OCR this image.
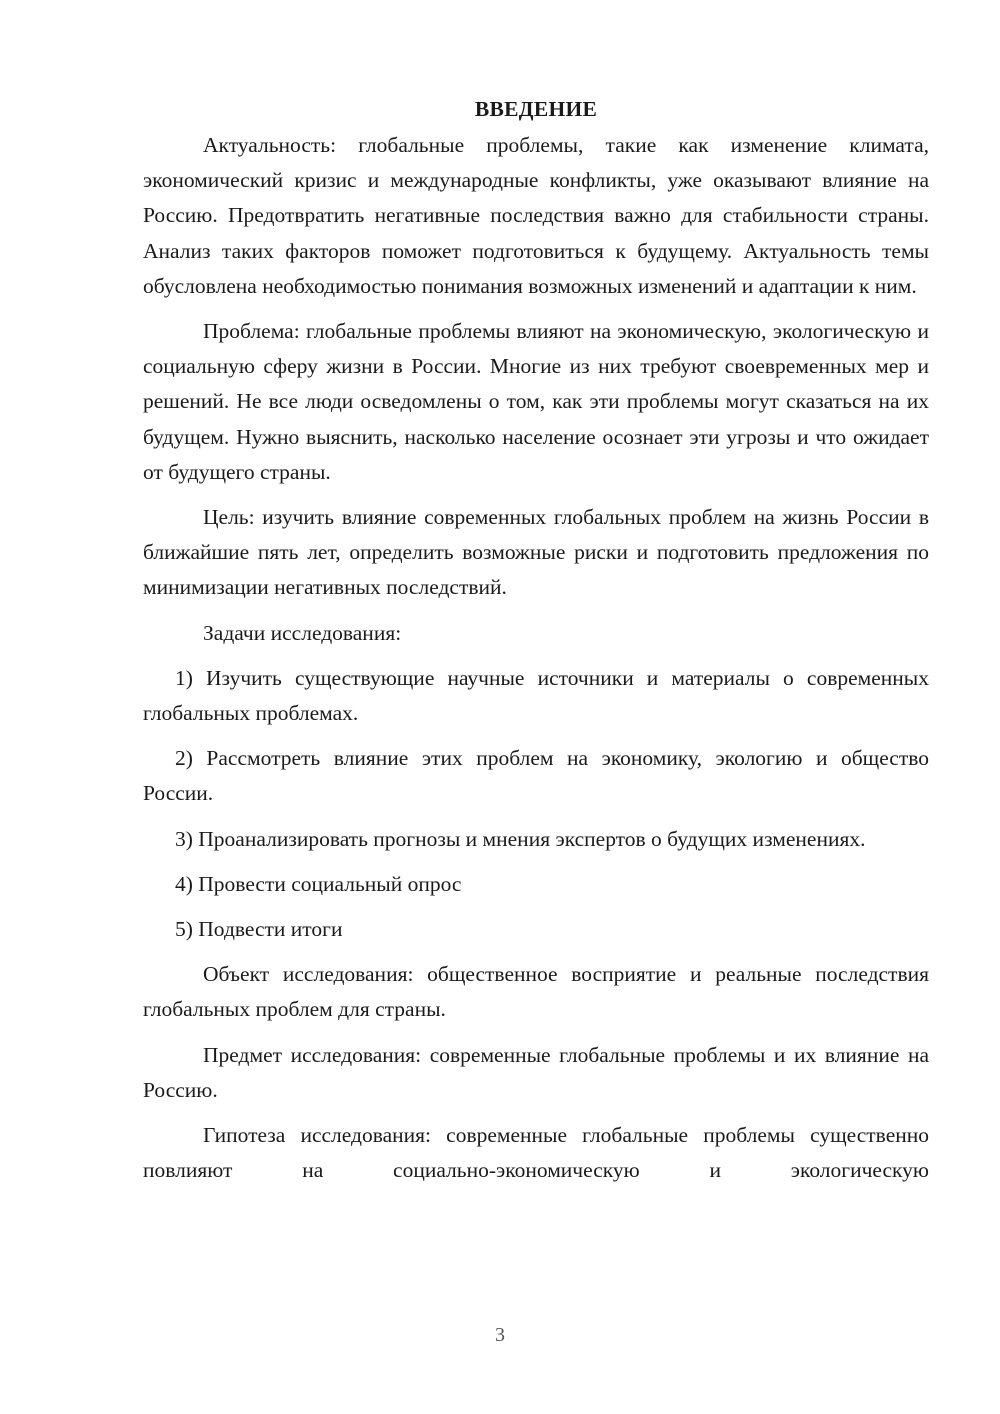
ВВЕДЕНИЕ

Актуальность: глобальные проблемы, такие как изменение климата, экономический кризис и международные конфликты, уже оказывают влияние на Россию. Предотвратить негативные последствия важно для стабильности страны. Анализ таких факторов поможет подготовиться к будущему. Актуальность темы обусловлена необходимостью понимания возможных изменений и адаптации к ним.

Проблема: глобальные проблемы влияют на экономическую, экологическую и социальную сферу жизни в России. Многие из них требуют своевременных мер и решений. Не все люди осведомлены о том, как эти проблемы могут сказаться на их будущем. Нужно выяснить, насколько население осознает эти угрозы и что ожидает от будущего страны.

Цель: изучить влияние современных глобальных проблем на жизнь России в ближайшие пять лет, определить возможные риски и подготовить предложения по минимизации негативных последствий.

Задачи исследования:

1) Изучить существующие научные источники и материалы о современных глобальных проблемах.

2) Рассмотреть влияние этих проблем на экономику, экологию и общество России.

3) Проанализировать прогнозы и мнения экспертов о будущих изменениях.

4) Провести социальный опрос

5) Подвести итоги

Объект исследования: общественное восприятие и реальные последствия глобальных проблем для страны.

Предмет исследования: современные глобальные проблемы и их влияние на Россию.

Гипотеза исследования: современные глобальные проблемы существенно повлияют на социально-экономическую и экологическую

3
